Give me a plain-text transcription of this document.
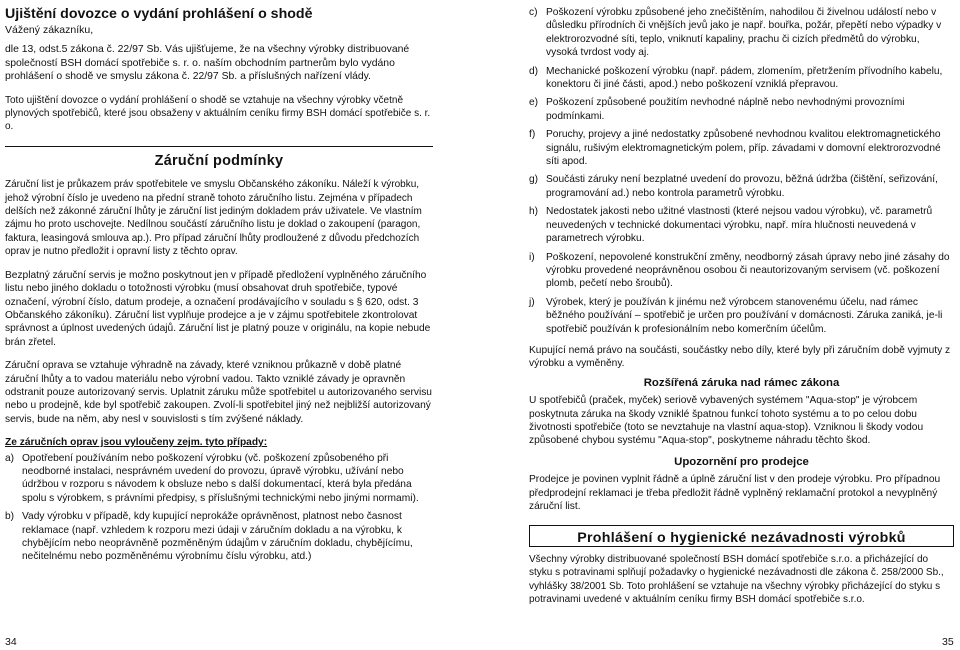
Ujištění dovozce o vydání prohlášení o shodě

Vážený zákazníku,

dle 13, odst.5 zákona č. 22/97 Sb. Vás ujišťujeme, že na všechny výrobky distribuované společností BSH domácí spotřebiče s. r. o. naším obchodním partnerům bylo vydáno prohlášení o shodě ve smyslu zákona č. 22/97 Sb. a příslušných nařízení vlády.

Toto ujištění dovozce o vydání prohlášení o shodě se vztahuje na všechny výrobky včetně plynových spotřebičů, které jsou obsaženy v aktuálním ceníku firmy BSH domácí spotřebiče s. r. o.

Záruční podmínky

Záruční list je průkazem práv spotřebitele ve smyslu Občanského zákoníku. Náleží k výrobku, jehož výrobní číslo je uvedeno na přední straně tohoto záručního listu. Zejména v případech delších než zákonné záruční lhůty je záruční list jediným dokladem práv uživatele. Ve vlastním zájmu ho proto uschovejte. Nedílnou součástí záručního listu je doklad o zakoupení (paragon, faktura, leasingová smlouva ap.). Pro případ záruční lhůty prodloužené z důvodu předchozích oprav je nutno předložit i opravní listy z těchto oprav.

Bezplatný záruční servis je možno poskytnout jen v případě předložení vyplněného záručního listu nebo jiného dokladu o totožnosti výrobku (musí obsahovat druh spotřebiče, typové označení, výrobní číslo, datum prodeje, a označení prodávajícího v souladu s § 620, odst. 3 Občanského zákoníku). Záruční list vyplňuje prodejce a je v zájmu spotřebitele zkontrolovat správnost a úplnost uvedených údajů. Záruční list je platný pouze v originálu, na kopie nebude brán zřetel.

Záruční oprava se vztahuje výhradně na závady, které vzniknou průkazně v době platné záruční lhůty a to vadou materiálu nebo výrobní vadou. Takto vzniklé závady je opravněn odstranit pouze autorizovaný servis. Uplatnit záruku může spotřebitel u autorizovaného servisu nebo u prodejně, kde byl spotřebič zakoupen. Zvolí-li spotřebitel jiný než nejbližší autorizovaný servis, bude na něm, aby nesl v souvislosti s tím zvýšené náklady.

Ze záručních oprav jsou vyloučeny zejm. tyto případy:

a) Opotřebení používáním nebo poškození výrobku (vč. poškození způsobeného při neodborné instalaci, nesprávném uvedení do provozu, úpravě výrobku, užívání nebo údržbou v rozporu s návodem k obsluze nebo s další dokumentací, která byla předána spolu s výrobkem, s právními předpisy, s příslušnými technickými nebo jinými normami).
b) Vady výrobku v případě, kdy kupující neprokáže oprávněnost, platnost nebo časnost reklamace (např. vzhledem k rozporu mezi údaji v záručním dokladu a na výrobku, k chybějícím nebo neoprávněně pozměněným údajům v záručním dokladu, chybějícímu, nečitelnému nebo pozměněnému výrobnímu číslu výrobku, atd.)
c) Poškození výrobku způsobené jeho znečištěním, nahodilou či živelnou událostí nebo v důsledku přírodních či vnějších jevů jako je např. bouřka, požár, přepětí nebo výpadky v elektrorozvodné síti, teplo, vniknutí kapaliny, prachu či cizích předmětů do výrobku, vysoká tvrdost vody aj.
d) Mechanické poškození výrobku (např. pádem, zlomením, přetržením přívodního kabelu, konektoru či jiné části, apod.) nebo poškození vzniklá přepravou.
e) Poškození způsobené použitím nevhodné náplně nebo nevhodnými provozními podmínkami.
f)	Poruchy, projevy a jiné nedostatky způsobené nevhodnou kvalitou elektromagnetického signálu, rušivým elektromagnetickým polem, příp. závadami v domovní elektrorozvodné síti apod.
g) Součásti záruky není bezplatné uvedení do provozu, běžná údržba (čištění, seřizování, programování ad.) nebo kontrola parametrů výrobku.
h) Nedostatek jakosti nebo užitné vlastnosti (které nejsou vadou výrobku), vč. parametrů neuvedených v technické dokumentaci výrobku, např. míra hlučnosti neuvedená v parametrech výrobku.
i)	Poškození, nepovolené konstrukční změny, neodborný zásah úpravy nebo jiné zásahy do výrobku provedené neoprávněnou osobou či neautorizovaným servisem (vč. poškození plomb, pečetí nebo šroubů).
j)	Výrobek, který je používán k jinému než výrobcem stanovenému účelu, nad rámec běžného používání – spotřebič je určen pro používání v domácnosti. Záruka zaniká, je-li spotřebič používán k profesionálním nebo komerčním účelům.

Kupující nemá právo na součásti, součástky nebo díly, které byly při záručním době vyjmuty z výrobku a vyměněny.

Rozšířená záruka nad rámec zákona

U spotřebičů (praček, myček) seriově vybavených systémem "Aqua-stop" je výrobcem poskytnuta záruka na škody vzniklé špatnou funkcí tohoto systému a to po celou dobu životnosti spotřebiče (toto se nevztahuje na vlastní aqua-stop). Vzniknou li škody vodou způsobené chybou systému "Aqua-stop", poskytneme náhradu těchto škod.

Upozornění pro prodejce

Prodejce je povinen vyplnit řádně a úplně záruční list v den prodeje výrobku. Pro případnou předprodejní reklamaci je třeba předložit řádně vyplněný reklamační protokol a nevyplněný záruční list.

Prohlášení o hygienické nezávadnosti výrobků

Všechny výrobky distribuované společností BSH domácí spotřebiče s.r.o. a přicházející do styku s potravinami splňují požadavky o hygienické nezávadnosti dle zákona č. 258/2000 Sb., vyhlášky 38/2001 Sb. Toto prohlášení se vztahuje na všechny výrobky přicházející do styku s potravinami uvedené v aktuálním ceníku firmy BSH domácí spotřebiče s.r.o.

34	35
